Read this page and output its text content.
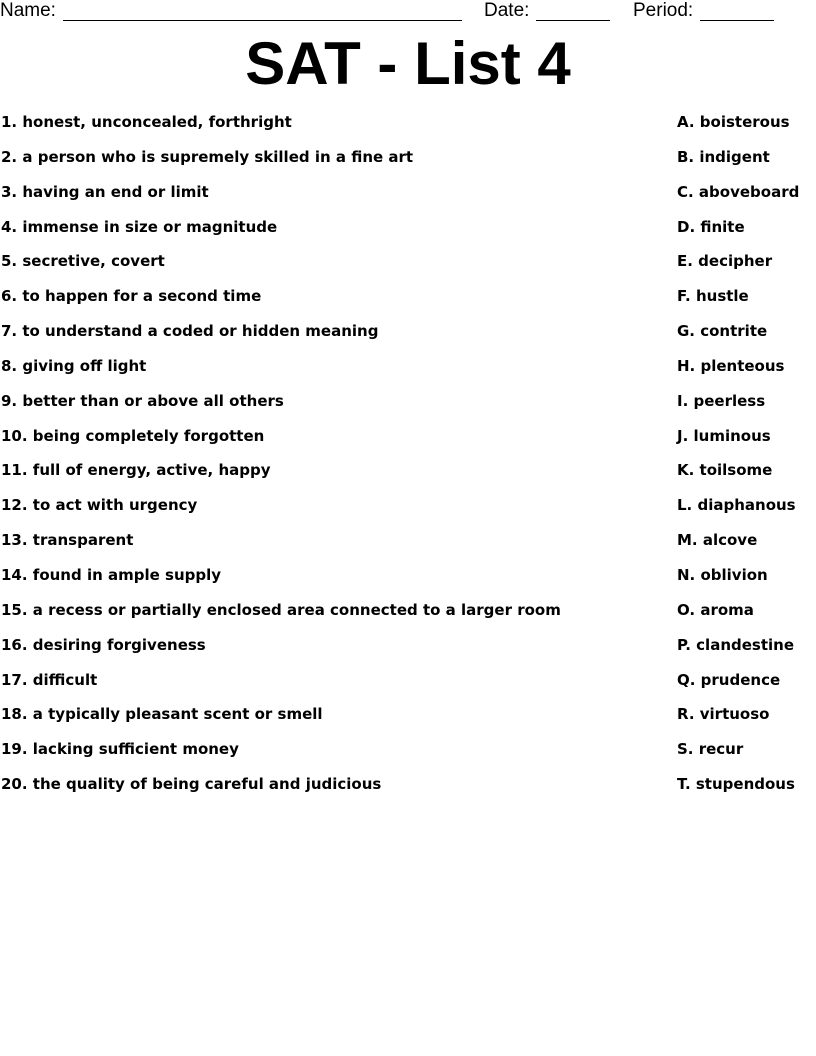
Name:	Date:	Period:
SAT - List 4
1. honest, unconcealed, forthright	A. boisterous
2. a person who is supremely skilled in a fine art	B. indigent
3. having an end or limit	C. aboveboard
4. immense in size or magnitude	D. finite
5. secretive, covert	E. decipher
6. to happen for a second time	F. hustle
7. to understand a coded or hidden meaning	G. contrite
8. giving off light	H. plenteous
9. better than or above all others	I. peerless
10. being completely forgotten	J. luminous
11. full of energy, active, happy	K. toilsome
12. to act with urgency	L. diaphanous
13. transparent	M. alcove
14. found in ample supply	N. oblivion
15. a recess or partially enclosed area connected to a larger room	O. aroma
16. desiring forgiveness	P. clandestine
17. difficult	Q. prudence
18. a typically pleasant scent or smell	R. virtuoso
19. lacking sufficient money	S. recur
20. the quality of being careful and judicious	T. stupendous
